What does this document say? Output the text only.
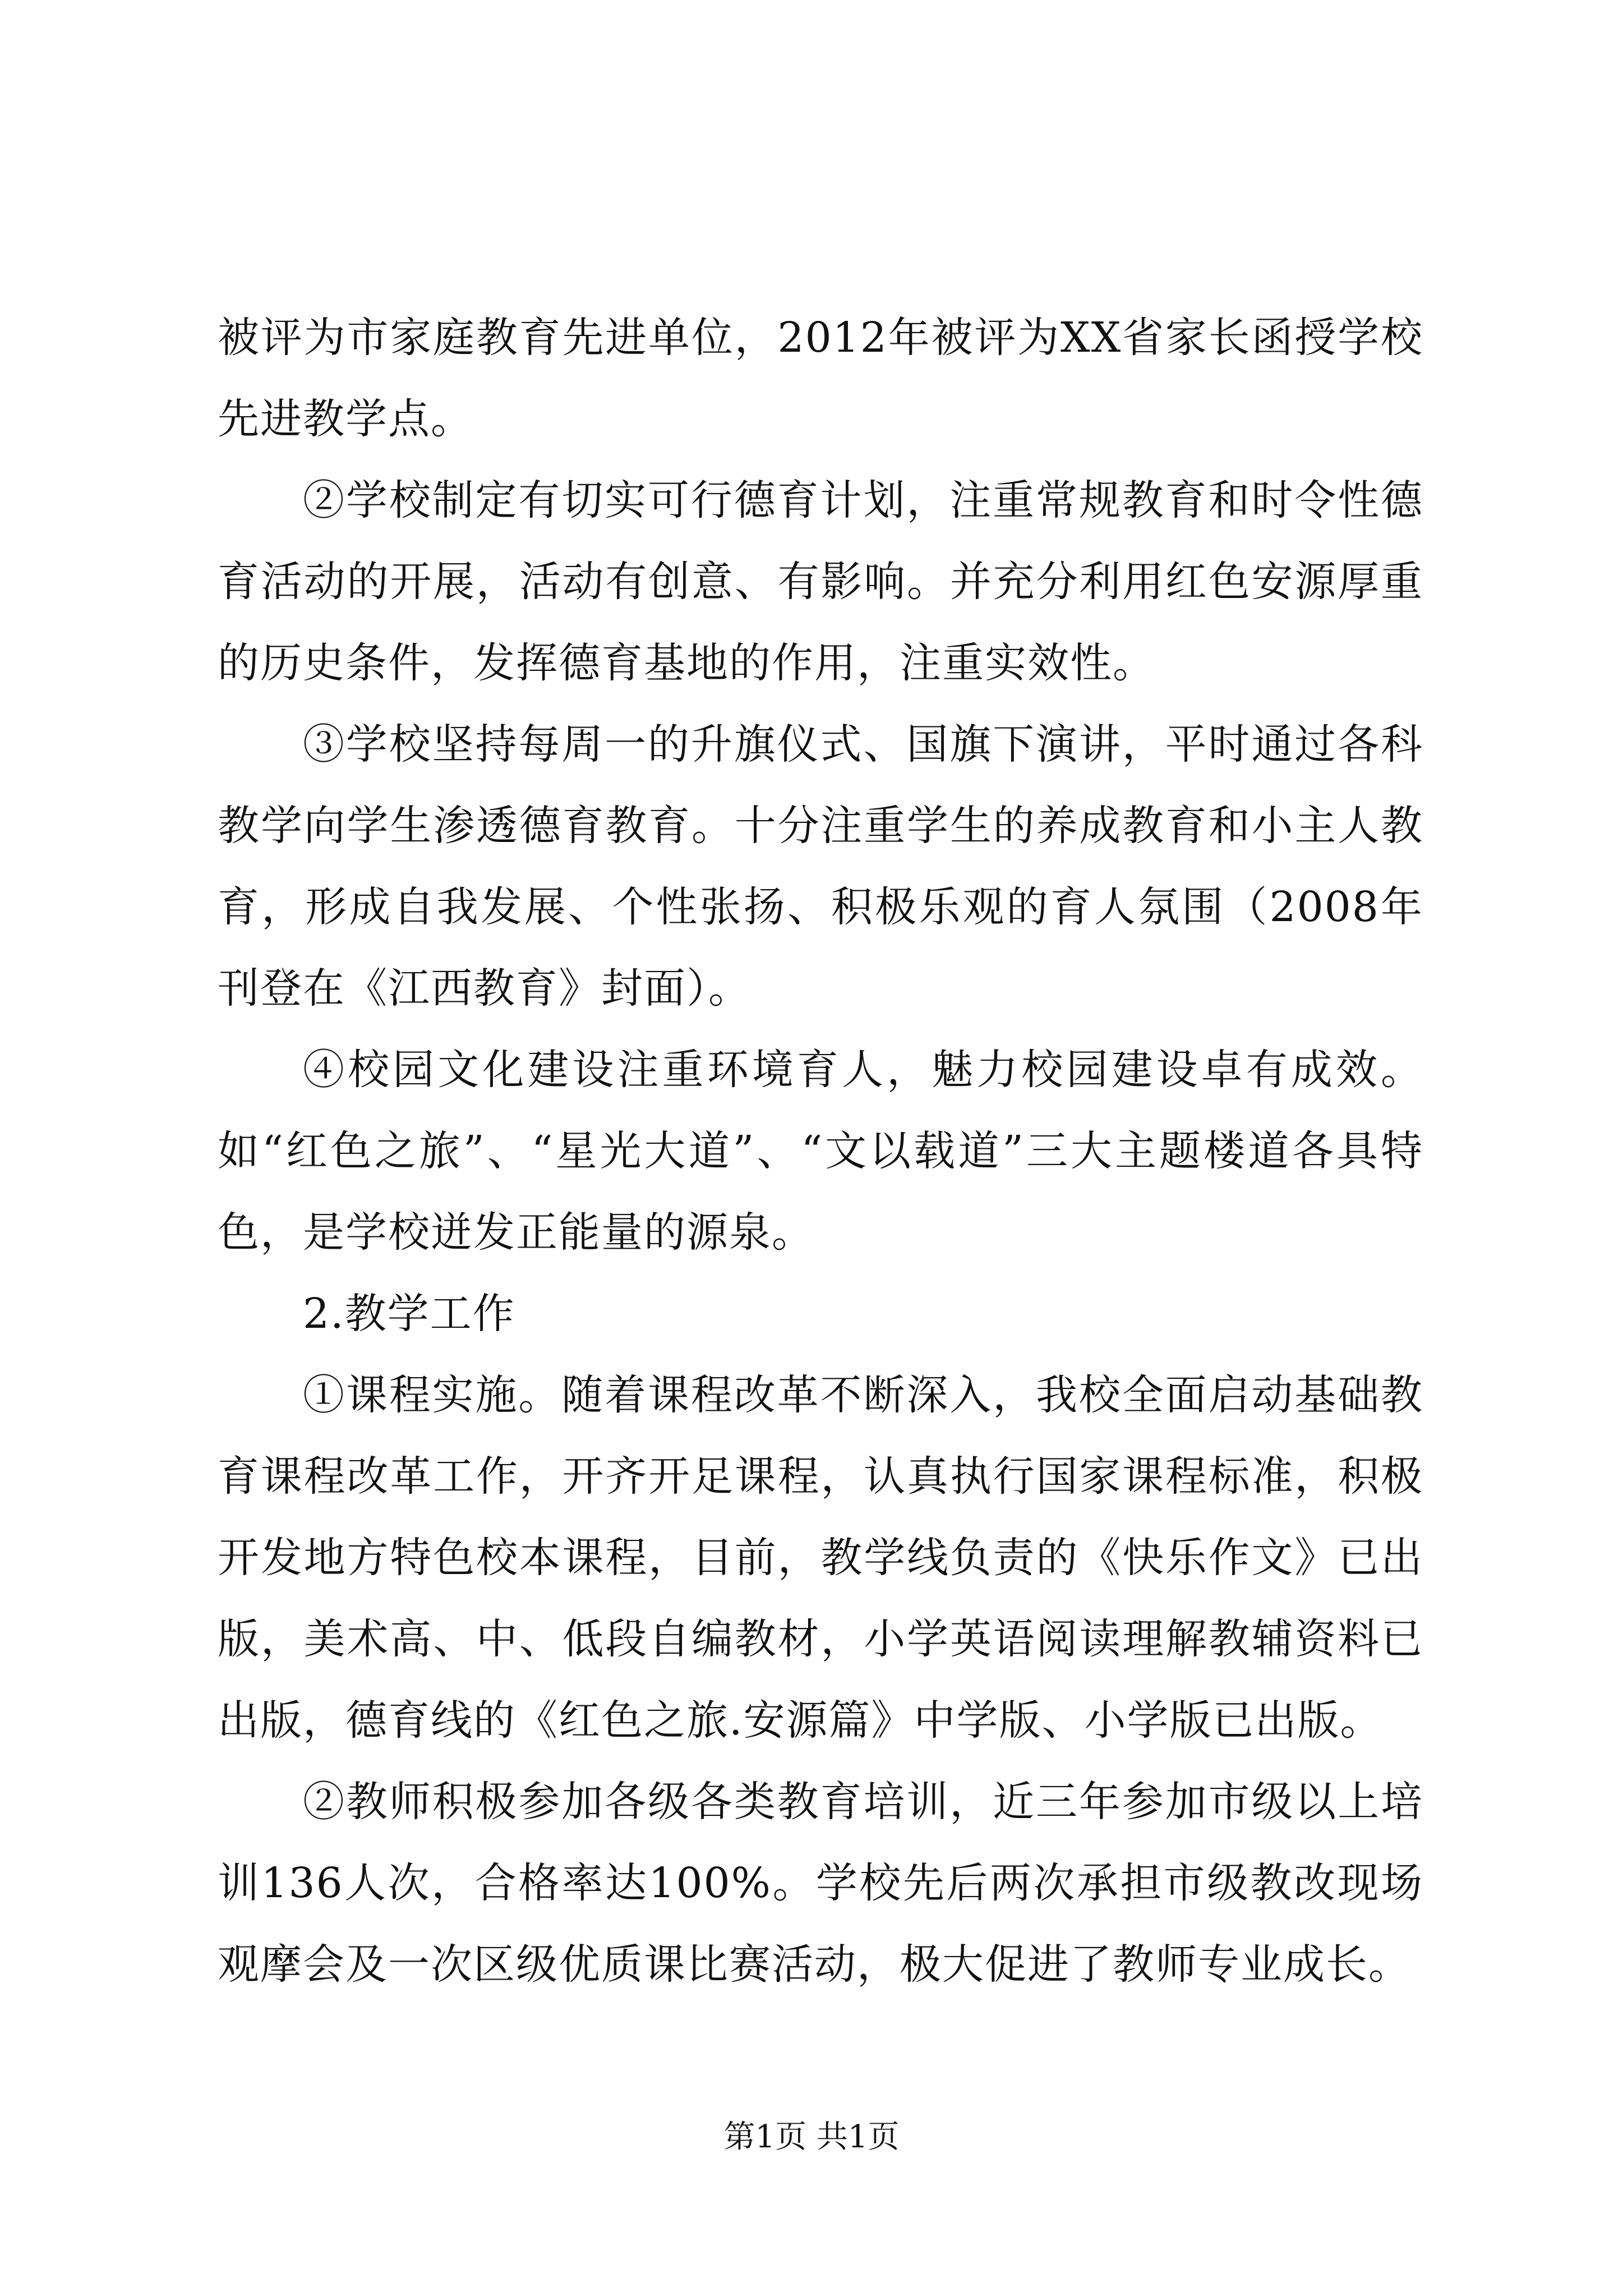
被评为市家庭教育先进单位，2012年被评为XX省家长函授学校先进教学点。

②学校制定有切实可行德育计划，注重常规教育和时令性德育活动的开展，活动有创意、有影响。并充分利用红色安源厚重的历史条件，发挥德育基地的作用，注重实效性。

③学校坚持每周一的升旗仪式、国旗下演讲，平时通过各科教学向学生渗透德育教育。十分注重学生的养成教育和小主人教育，形成自我发展、个性张扬、积极乐观的育人氛围（2008年刊登在《江西教育》封面）。

④校园文化建设注重环境育人，魅力校园建设卓有成效。如“红色之旅”、“星光大道”、“文以载道”三大主题楼道各具特色，是学校迸发正能量的源泉。

2.教学工作

①课程实施。随着课程改革不断深入，我校全面启动基础教育课程改革工作，开齐开足课程，认真执行国家课程标准，积极开发地方特色校本课程，目前，教学线负责的《快乐作文》已出版，美术高、中、低段自编教材，小学英语阅读理解教辅资料已出版，德育线的《红色之旅.安源篇》中学版、小学版已出版。

②教师积极参加各级各类教育培训，近三年参加市级以上培训136人次，合格率达100%。学校先后两次承担市级教改现场观摩会及一次区级优质课比赛活动，极大促进了教师专业成长。

第1页 共1页
